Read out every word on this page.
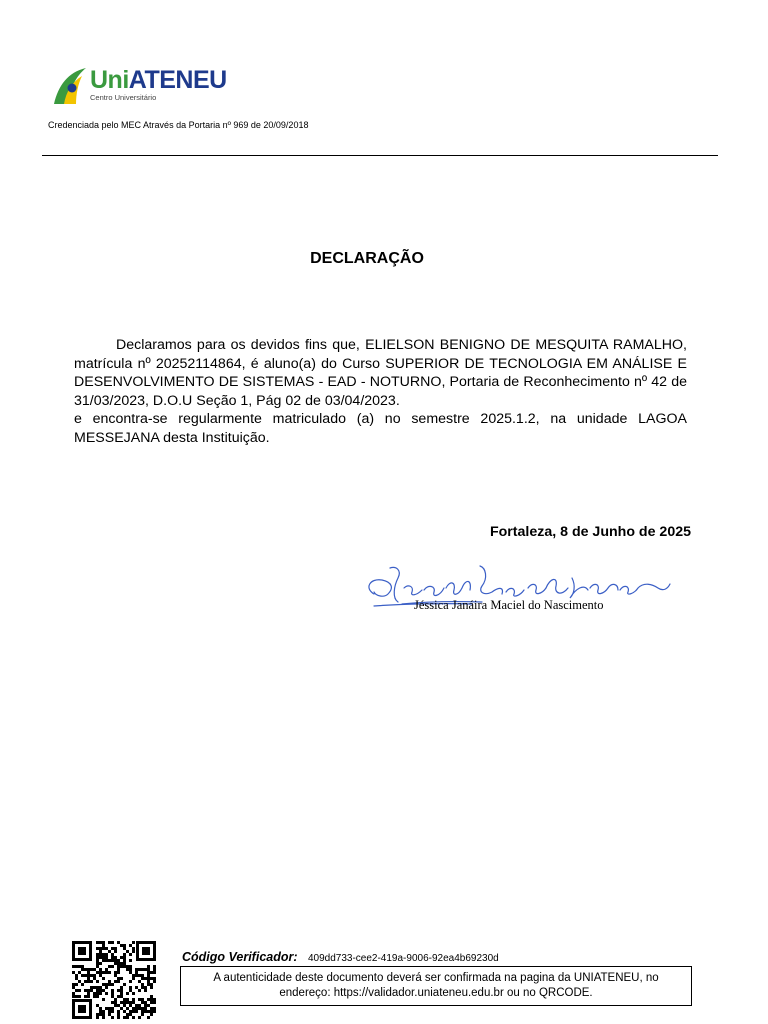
UniATENEU
Centro Universitário
Credenciada pelo MEC Através da Portaria nº 969 de 20/09/2018
DECLARAÇÃO

Declaramos para os devidos fins que, ELIELSON BENIGNO DE MESQUITA RAMALHO, matrícula nº 20252114864, é aluno(a) do Curso SUPERIOR DE TECNOLOGIA EM ANÁLISE E DESENVOLVIMENTO DE SISTEMAS - EAD - NOTURNO, Portaria de Reconhecimento nº 42 de 31/03/2023, D.O.U Seção 1, Pág 02 de 03/04/2023.

e encontra-se regularmente matriculado (a) no semestre 2025.1.2, na unidade LAGOA MESSEJANA desta Instituição.

Fortaleza, 8 de Junho de 2025
Jéssica Janáira Maciel do Nascimento
Código Verificador: 409dd733-cee2-419a-9006-92ea4b69230d
A autenticidade deste documento deverá ser confirmada na pagina da UNIATENEU, no
endereço: https://validador.uniateneu.edu.br ou no QRCODE.
